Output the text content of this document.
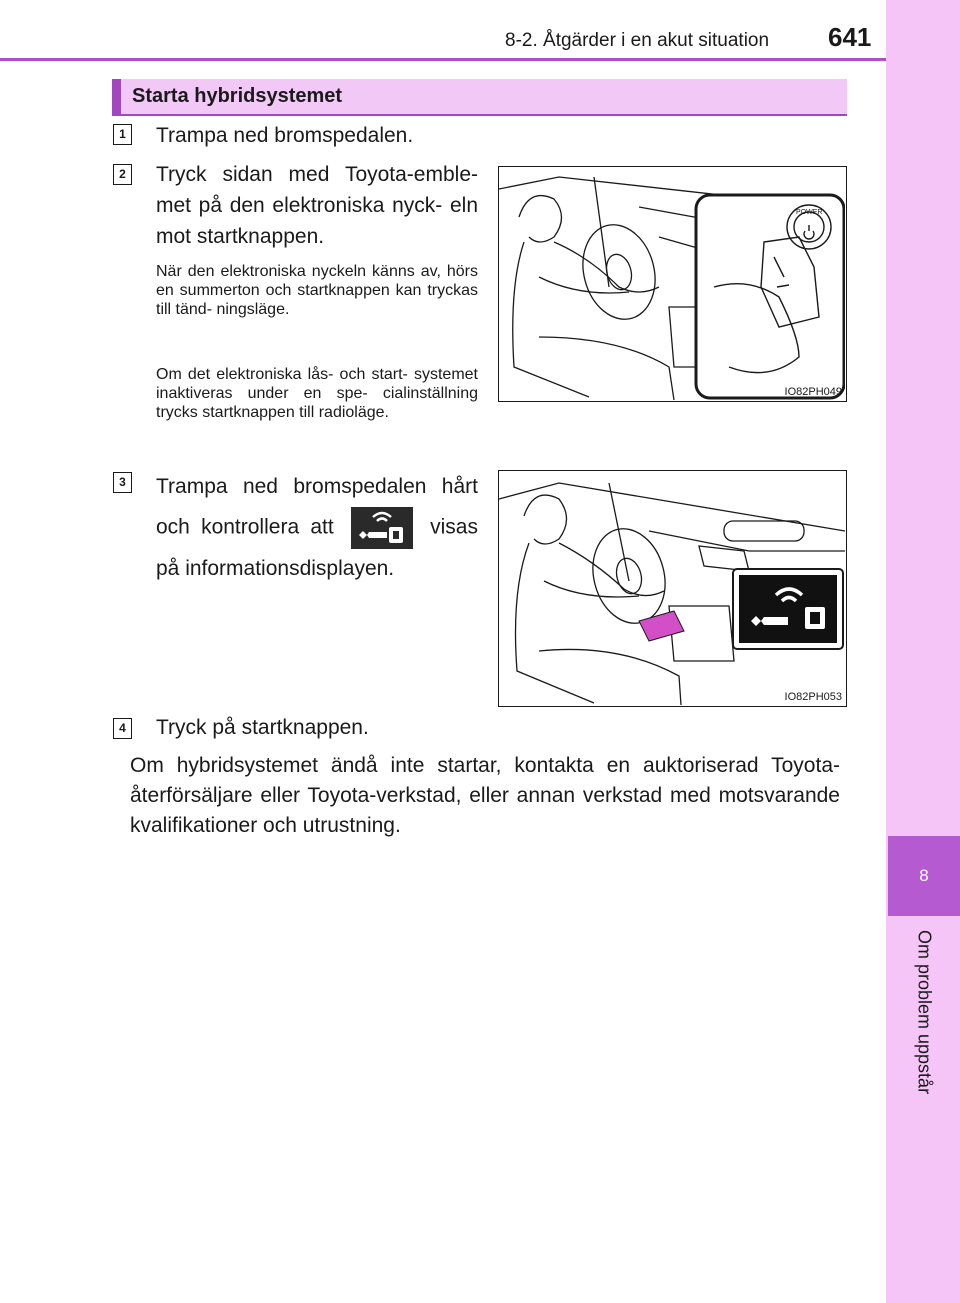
8-2. Åtgärder i en akut situation 641
8
Om problem uppstår
Starta hybridsystemet
1 Trampa ned bromspedalen.
2 Tryck sidan med Toyota-emble- met på den elektroniska nyck- eln mot startknappen.
När den elektroniska nyckeln känns av, hörs en summerton och startknappen kan tryckas till tänd- ningsläge.
Om det elektroniska lås- och start- systemet inaktiveras under en spe- cialinställning trycks startknappen till radioläge.
POWER
IO82PH049
3 Trampa ned bromspedalen hårt och kontrollera att	visas på informationsdisplayen.
IO82PH053
4 Tryck på startknappen.
Om hybridsystemet ändå inte startar, kontakta en auktoriserad Toyota-återförsäljare eller Toyota-verkstad, eller annan verkstad med motsvarande kvalifikationer och utrustning.
